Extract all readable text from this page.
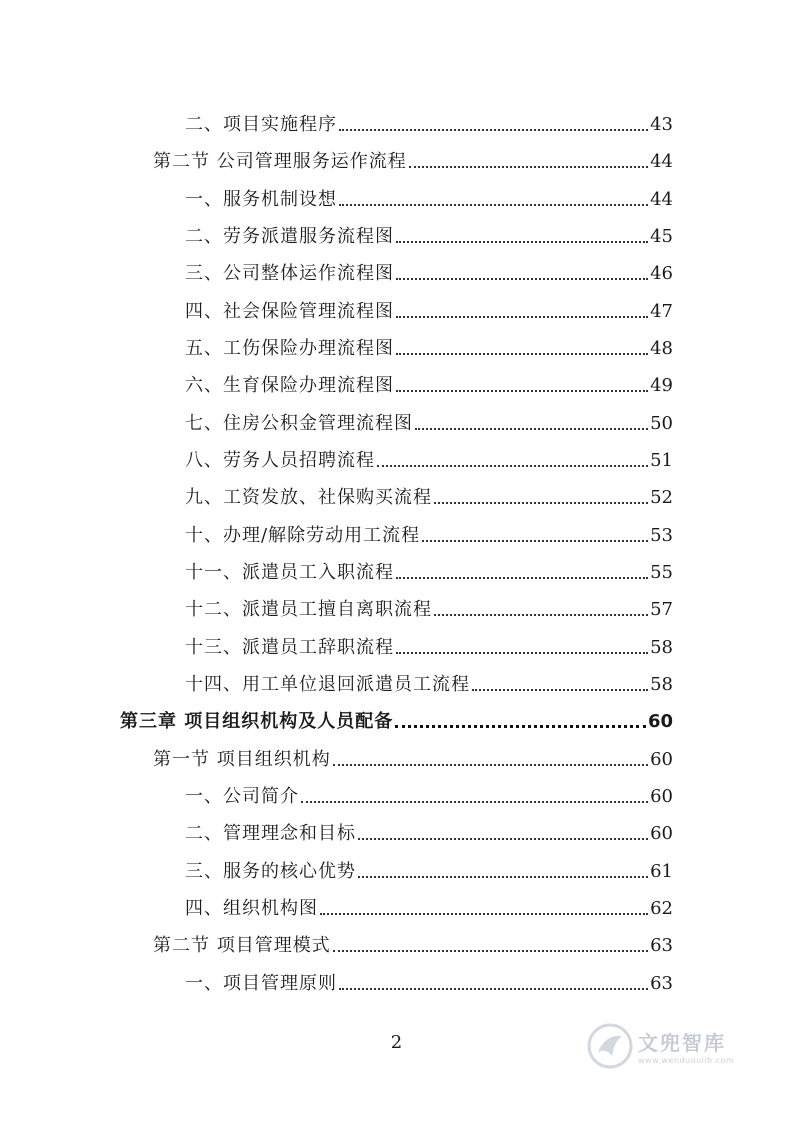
二、项目实施程序	43
第二节 公司管理服务运作流程	44
一、服务机制设想	44
二、劳务派遣服务流程图	45
三、公司整体运作流程图	46
四、社会保险管理流程图	47
五、工伤保险办理流程图	48
六、生育保险办理流程图	49
七、住房公积金管理流程图	50
八、劳务人员招聘流程	51
九、工资发放、社保购买流程	52
十、办理/解除劳动用工流程	53
十一、派遣员工入职流程	55
十二、派遣员工擅自离职流程	57
十三、派遣员工辞职流程	58
十四、用工单位退回派遣员工流程	58
第三章 项目组织机构及人员配备	60
第一节 项目组织机构	60
一、公司简介	60
二、管理理念和目标	60
三、服务的核心优势	61
四、组织机构图	62
第二节 项目管理模式	63
一、项目管理原则	63
2	文兜智库
www.wenduoulib.com
